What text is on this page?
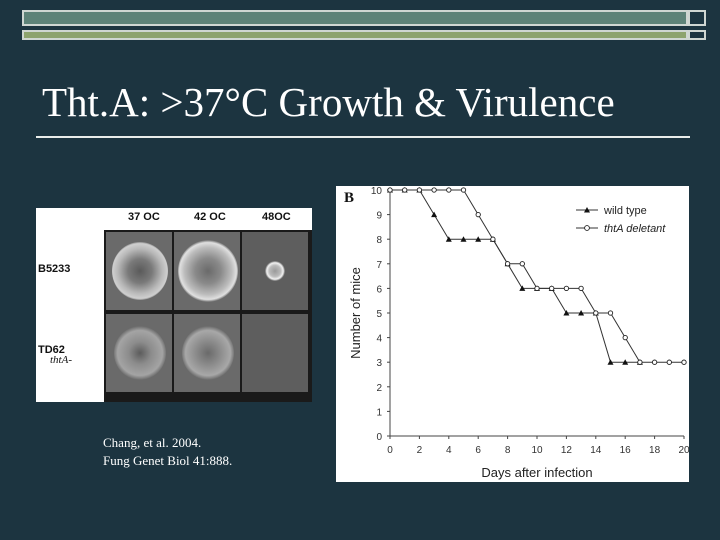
Tht.A: >37°C Growth & Virulence
37 OC	42 OC	48OC
B5233
TD62
thtA-
Chang, et al. 2004.
Fung Genet Biol 41:888.
B
0
1
2
3
4
5
6
7
8
9
10
0 2 4 6 8 10 12 14 16 18 20
Days after infection
Number of mice
wild type
thtA deletant
